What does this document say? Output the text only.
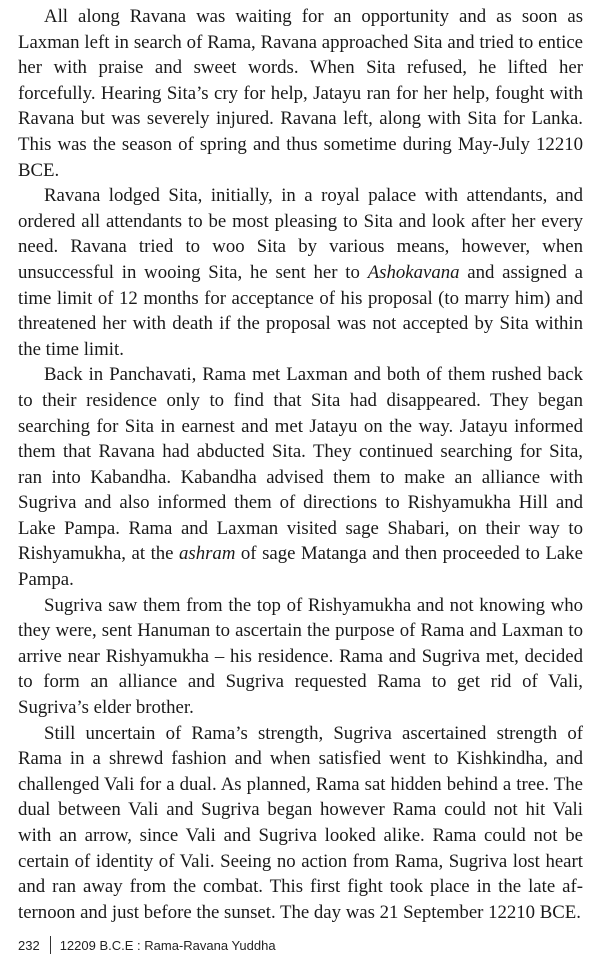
All along Ravana was waiting for an opportunity and as soon as Laxman left in search of Rama, Ravana approached Sita and tried to entice her with praise and sweet words. When Sita refused, he lifted her forcefully. Hearing Sita’s cry for help, Jatayu ran for her help, fought with Ravana but was severely injured. Ravana left, along with Sita for Lanka. This was the season of spring and thus sometime during May-July 12210 BCE.

Ravana lodged Sita, initially, in a royal palace with attendants, and ordered all attendants to be most pleasing to Sita and look after her every need. Ravana tried to woo Sita by various means, however, when unsuccessful in wooing Sita, he sent her to Ashokavana and assigned a time limit of 12 months for acceptance of his proposal (to marry him) and threatened her with death if the proposal was not accepted by Sita within the time limit.

Back in Panchavati, Rama met Laxman and both of them rushed back to their residence only to find that Sita had disappeared. They began searching for Sita in earnest and met Jatayu on the way. Jatayu informed them that Ravana had abducted Sita. They continued searching for Sita, ran into Kabandha. Kabandha advised them to make an alliance with Sugriva and also informed them of directions to Rishyamukha Hill and Lake Pampa. Rama and Laxman visited sage Shabari, on their way to Rishyamukha, at the ashram of sage Matanga and then proceeded to Lake Pampa.

Sugriva saw them from the top of Rishyamukha and not knowing who they were, sent Hanuman to ascertain the purpose of Rama and Laxman to arrive near Rishyamukha – his residence. Rama and Sugriva met, decided to form an alliance and Sugriva requested Rama to get rid of Vali, Sugriva’s elder brother.

Still uncertain of Rama’s strength, Sugriva ascertained strength of Rama in a shrewd fashion and when satisfied went to Kishkindha, and challenged Vali for a dual. As planned, Rama sat hidden behind a tree. The dual between Vali and Sugriva began however Rama could not hit Vali with an arrow, since Vali and Sugriva looked alike. Rama could not be certain of identity of Vali. Seeing no action from Rama, Sugriva lost heart and ran away from the combat. This first fight took place in the late afternoon and just before the sunset. The day was 21 September 12210 BCE.

232 12209 B.C.E : Rama-Ravana Yuddha
